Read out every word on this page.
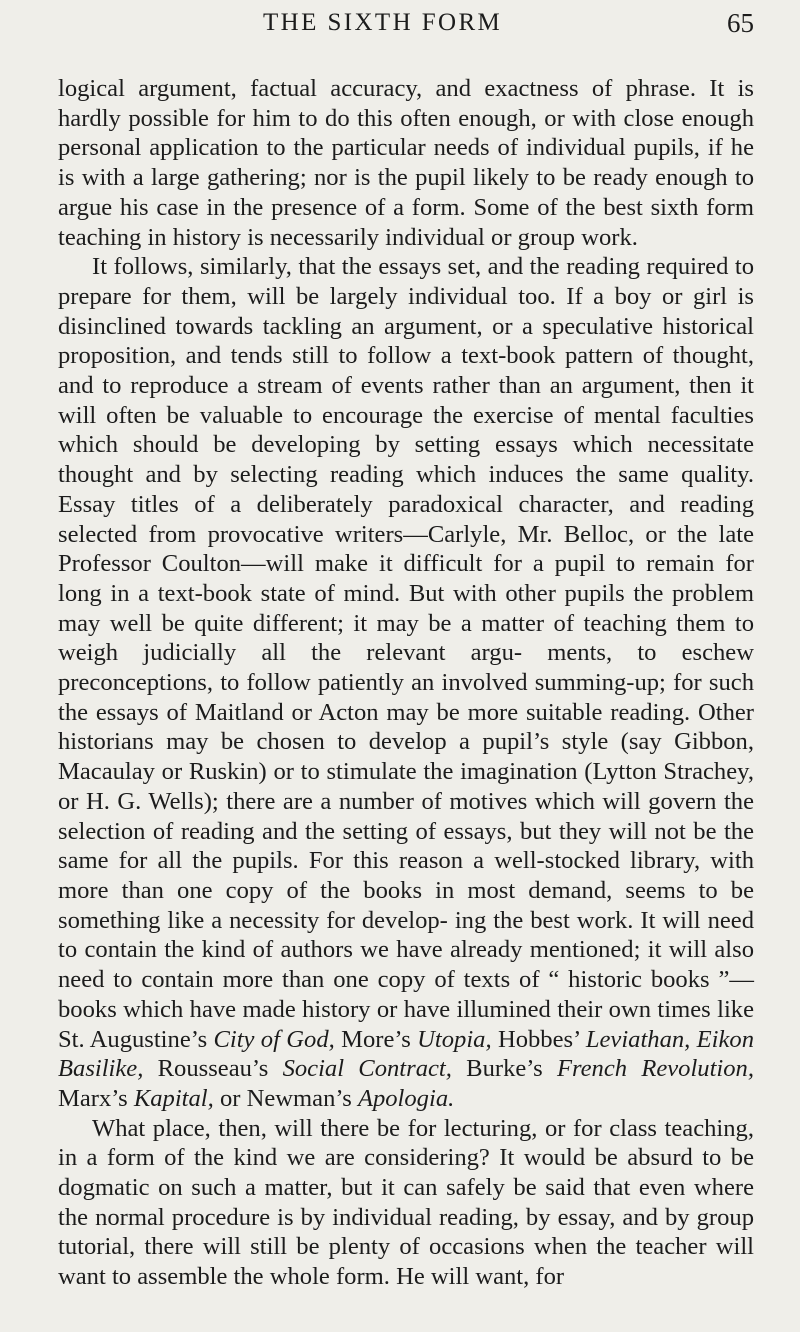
THE SIXTH FORM	65

logical argument, factual accuracy, and exactness of phrase. It is hardly possible for him to do this often enough, or with close enough personal application to the particular needs of individual pupils, if he is with a large gathering; nor is the pupil likely to be ready enough to argue his case in the presence of a form. Some of the best sixth form teaching in history is necessarily individual or group work.

It follows, similarly, that the essays set, and the reading required to prepare for them, will be largely individual too. If a boy or girl is disinclined towards tackling an argument, or a speculative historical proposition, and tends still to follow a text-book pattern of thought, and to reproduce a stream of events rather than an argument, then it will often be valuable to encourage the exercise of mental faculties which should be developing by setting essays which necessitate thought and by selecting reading which induces the same quality. Essay titles of a deliberately paradoxical character, and reading selected from provocative writers—Carlyle, Mr. Belloc, or the late Professor Coulton—will make it difficult for a pupil to remain for long in a text-book state of mind. But with other pupils the problem may well be quite different; it may be a matter of teaching them to weigh judicially all the relevant argu- ments, to eschew preconceptions, to follow patiently an involved summing-up; for such the essays of Maitland or Acton may be more suitable reading. Other historians may be chosen to develop a pupil’s style (say Gibbon, Macaulay or Ruskin) or to stimulate the imagination (Lytton Strachey, or H. G. Wells); there are a number of motives which will govern the selection of reading and the setting of essays, but they will not be the same for all the pupils. For this reason a well-stocked library, with more than one copy of the books in most demand, seems to be something like a necessity for develop- ing the best work. It will need to contain the kind of authors we have already mentioned; it will also need to contain more than one copy of texts of “ historic books ”—books which have made history or have illumined their own times like St. Augustine’s City of God, More’s Utopia, Hobbes’ Leviathan, Eikon Basilike, Rousseau’s Social Contract, Burke’s French Revolution, Marx’s Kapital, or Newman’s Apologia.

What place, then, will there be for lecturing, or for class teaching, in a form of the kind we are considering? It would be absurd to be dogmatic on such a matter, but it can safely be said that even where the normal procedure is by individual reading, by essay, and by group tutorial, there will still be plenty of occasions when the teacher will want to assemble the whole form. He will want, for
